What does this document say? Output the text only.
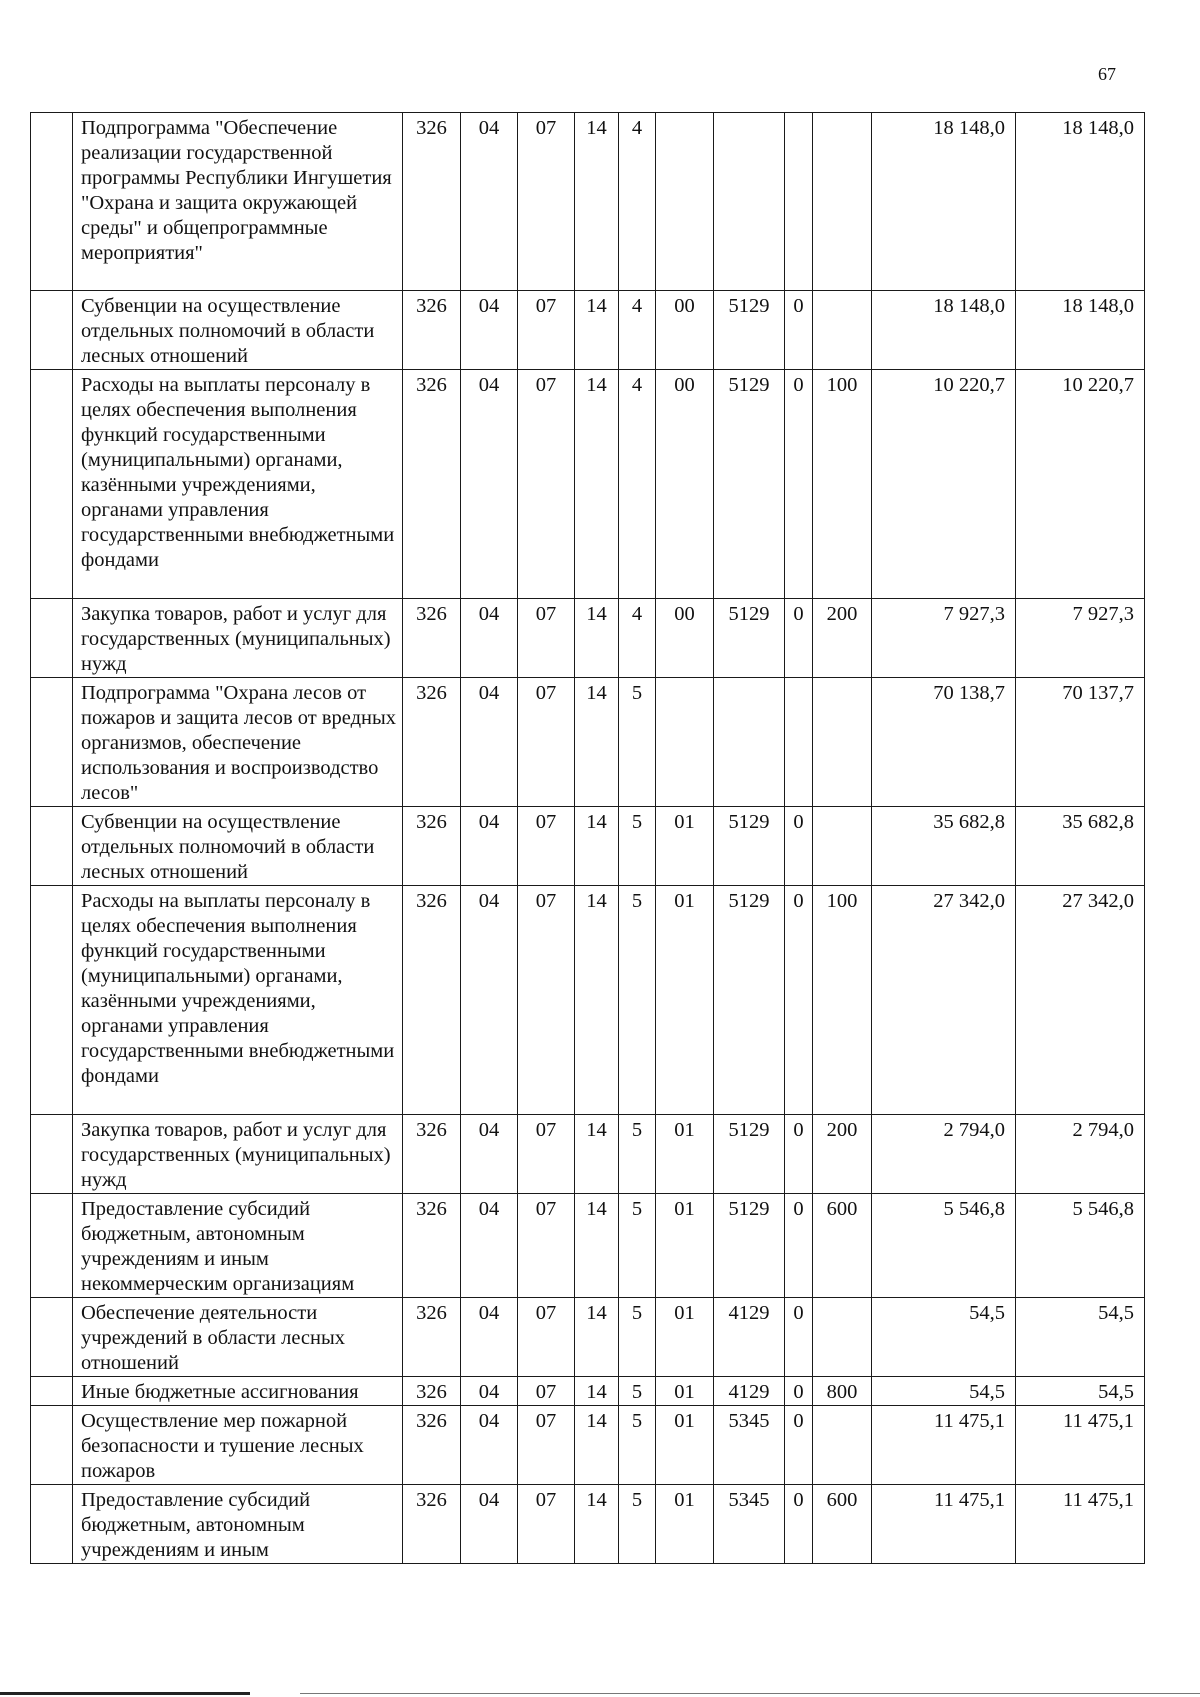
67
	Подпрограмма "Обеспечение реализации государственной программы Республики Ингушетия "Охрана и защита окружающей среды" и общепрограммные мероприятия"	326	04	07	14	4					18 148,0	18 148,0
	Субвенции на осуществление отдельных полномочий в области лесных отношений	326	04	07	14	4	00	5129	0		18 148,0	18 148,0
	Расходы на выплаты персоналу в целях обеспечения выполнения функций государственными (муниципальными) органами, казёнными учреждениями, органами управления государственными внебюджетными фондами	326	04	07	14	4	00	5129	0	100	10 220,7	10 220,7
	Закупка товаров, работ и услуг для государственных (муниципальных) нужд	326	04	07	14	4	00	5129	0	200	7 927,3	7 927,3
	Подпрограмма "Охрана лесов от пожаров и защита лесов от вредных организмов, обеспечение использования и воспроизводство лесов"	326	04	07	14	5					70 138,7	70 137,7
	Субвенции на осуществление отдельных полномочий в области лесных отношений	326	04	07	14	5	01	5129	0		35 682,8	35 682,8
	Расходы на выплаты персоналу в целях обеспечения выполнения функций государственными (муниципальными) органами, казёнными учреждениями, органами управления государственными внебюджетными фондами	326	04	07	14	5	01	5129	0	100	27 342,0	27 342,0
	Закупка товаров, работ и услуг для государственных (муниципальных) нужд	326	04	07	14	5	01	5129	0	200	2 794,0	2 794,0
	Предоставление субсидий бюджетным, автономным учреждениям и иным некоммерческим организациям	326	04	07	14	5	01	5129	0	600	5 546,8	5 546,8
	Обеспечение деятельности учреждений в области лесных отношений	326	04	07	14	5	01	4129	0		54,5	54,5
	Иные бюджетные ассигнования	326	04	07	14	5	01	4129	0	800	54,5	54,5
	Осуществление мер пожарной безопасности и тушение лесных пожаров	326	04	07	14	5	01	5345	0		11 475,1	11 475,1
	Предоставление субсидий бюджетным, автономным учреждениям и иным	326	04	07	14	5	01	5345	0	600	11 475,1	11 475,1
